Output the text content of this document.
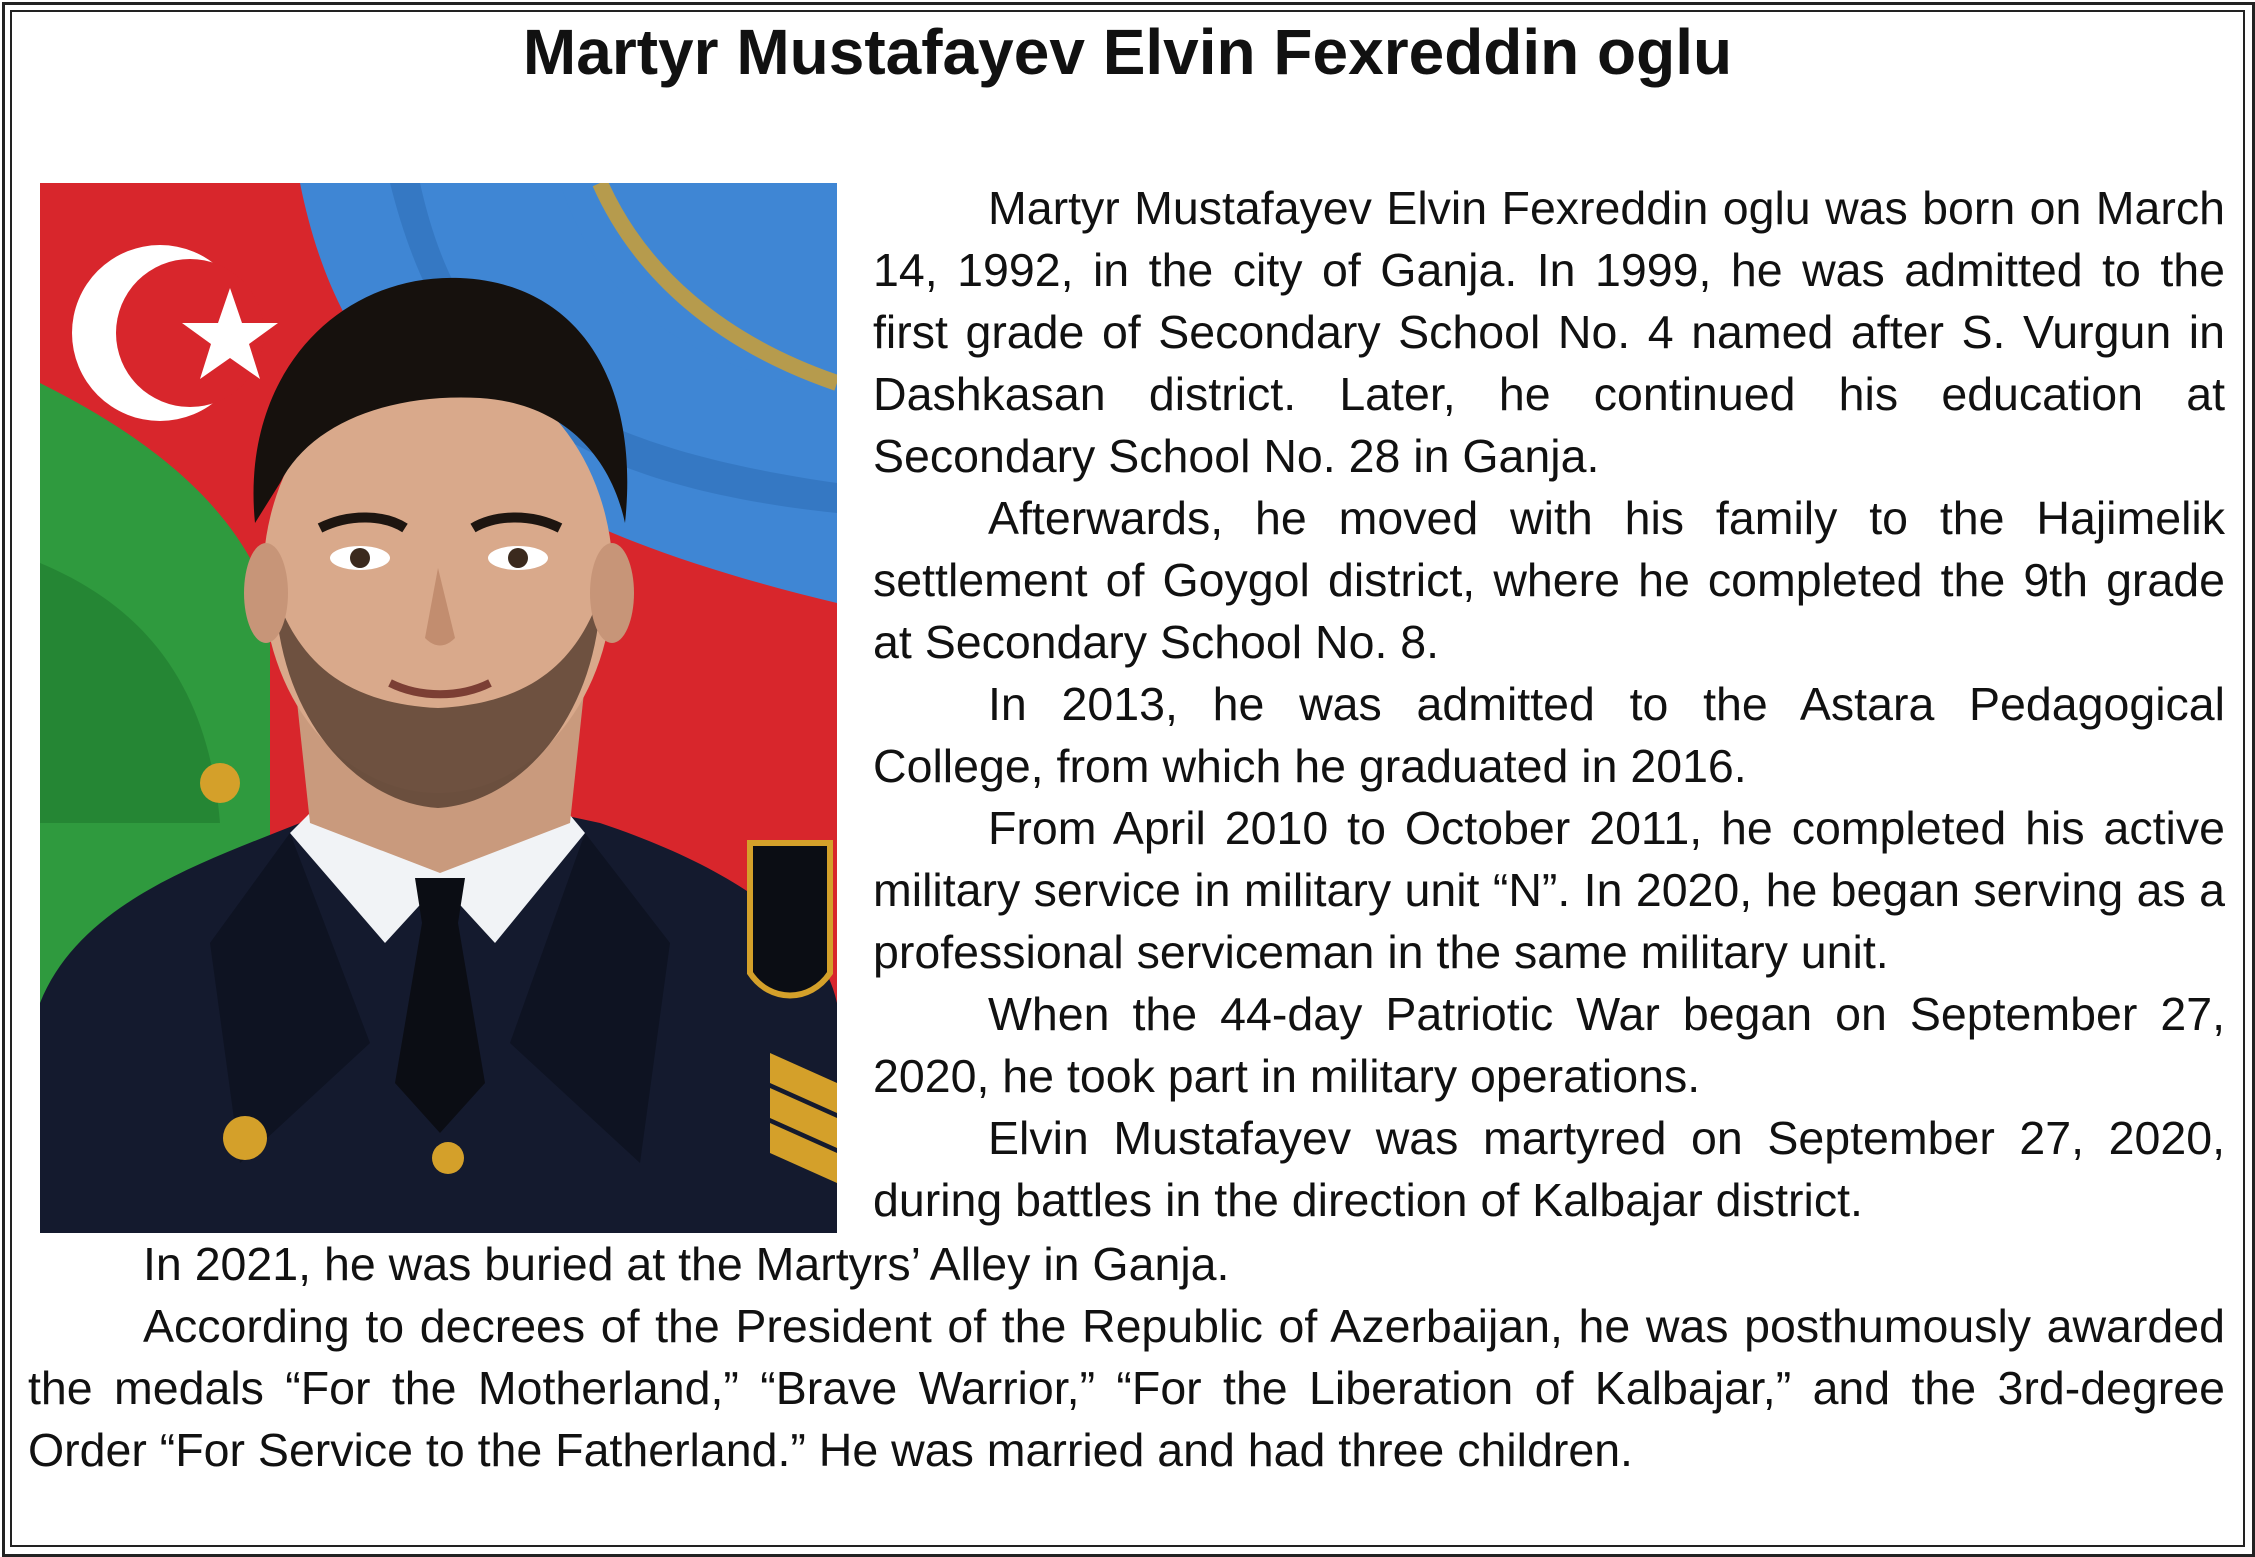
Martyr Mustafayev Elvin Fexreddin oglu

Martyr Mustafayev Elvin Fexreddin oglu was born on March 14, 1992, in the city of Ganja. In 1999, he was admitted to the first grade of Secondary School No. 4 named after S. Vurgun in Dashkasan district. Later, he continued his education at Secondary School No. 28 in Ganja.

Afterwards, he moved with his family to the Hajimelik settlement of Goygol district, where he completed the 9th grade at Secondary School No. 8.

In 2013, he was admitted to the Astara Pedagogical College, from which he graduated in 2016.

From April 2010 to October 2011, he completed his active military service in military unit “N”. In 2020, he began serving as a professional serviceman in the same military unit.

When the 44-day Patriotic War began on September 27, 2020, he took part in military operations.

Elvin Mustafayev was martyred on September 27, 2020, during battles in the direction of Kalbajar district.

In 2021, he was buried at the Martyrs’ Alley in Ganja.

According to decrees of the President of the Republic of Azerbaijan, he was posthumously awarded the medals “For the Motherland,” “Brave Warrior,” “For the Liberation of Kalbajar,” and the 3rd-degree Order “For Service to the Fatherland.” He was married and had three children.
